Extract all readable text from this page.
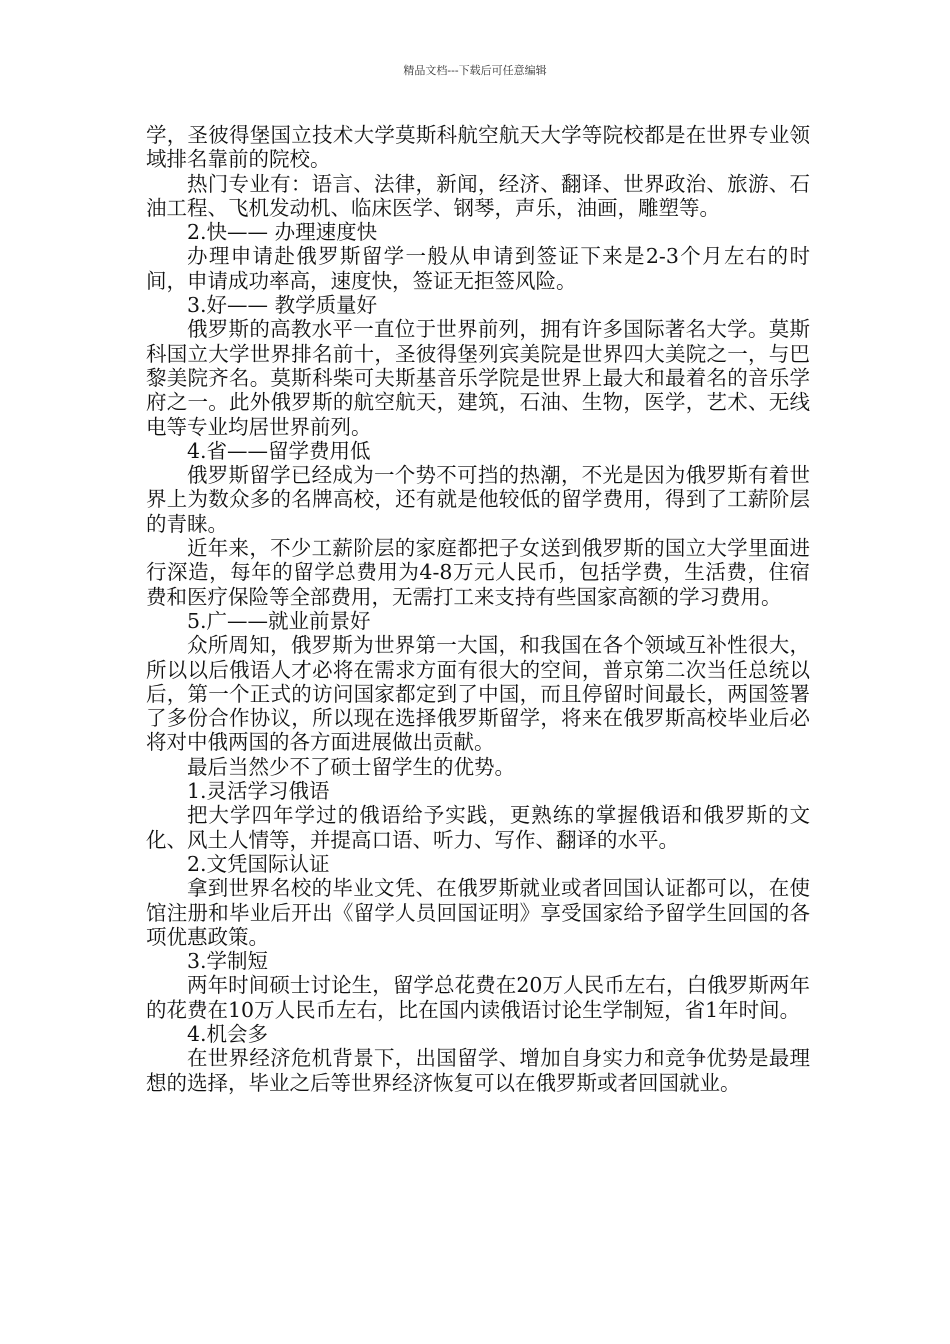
精品文档---下载后可任意编辑

学，圣彼得堡国立技术大学莫斯科航空航天大学等院校都是在世界专业领域排名靠前的院校。

热门专业有：语言、法律，新闻，经济、翻译、世界政治、旅游、石油工程、飞机发动机、临床医学、钢琴，声乐，油画，雕塑等。

2.快—— 办理速度快

办理申请赴俄罗斯留学一般从申请到签证下来是2-3个月左右的时间，申请成功率高，速度快，签证无拒签风险。

3.好—— 教学质量好

俄罗斯的高教水平一直位于世界前列，拥有许多国际著名大学。莫斯科国立大学世界排名前十，圣彼得堡列宾美院是世界四大美院之一，与巴黎美院齐名。莫斯科柴可夫斯基音乐学院是世界上最大和最着名的音乐学府之一。此外俄罗斯的航空航天，建筑，石油、生物，医学，艺术、无线电等专业均居世界前列。

4.省——留学费用低

俄罗斯留学已经成为一个势不可挡的热潮，不光是因为俄罗斯有着世界上为数众多的名牌高校，还有就是他较低的留学费用，得到了工薪阶层的青睐。

近年来，不少工薪阶层的家庭都把子女送到俄罗斯的国立大学里面进行深造，每年的留学总费用为4-8万元人民币，包括学费，生活费，住宿费和医疗保险等全部费用，无需打工来支持有些国家高额的学习费用。

5.广——就业前景好

众所周知，俄罗斯为世界第一大国，和我国在各个领域互补性很大，所以以后俄语人才必将在需求方面有很大的空间，普京第二次当任总统以后，第一个正式的访问国家都定到了中国，而且停留时间最长，两国签署了多份合作协议，所以现在选择俄罗斯留学，将来在俄罗斯高校毕业后必将对中俄两国的各方面进展做出贡献。

最后当然少不了硕士留学生的优势。

1.灵活学习俄语

把大学四年学过的俄语给予实践，更熟练的掌握俄语和俄罗斯的文化、风土人情等，并提高口语、听力、写作、翻译的水平。

2.文凭国际认证

拿到世界名校的毕业文凭、在俄罗斯就业或者回国认证都可以，在使馆注册和毕业后开出《留学人员回国证明》享受国家给予留学生回国的各项优惠政策。

3.学制短

两年时间硕士讨论生，留学总花费在20万人民币左右，白俄罗斯两年的花费在10万人民币左右，比在国内读俄语讨论生学制短，省1年时间。

4.机会多

在世界经济危机背景下，出国留学、增加自身实力和竞争优势是最理想的选择，毕业之后等世界经济恢复可以在俄罗斯或者回国就业。
